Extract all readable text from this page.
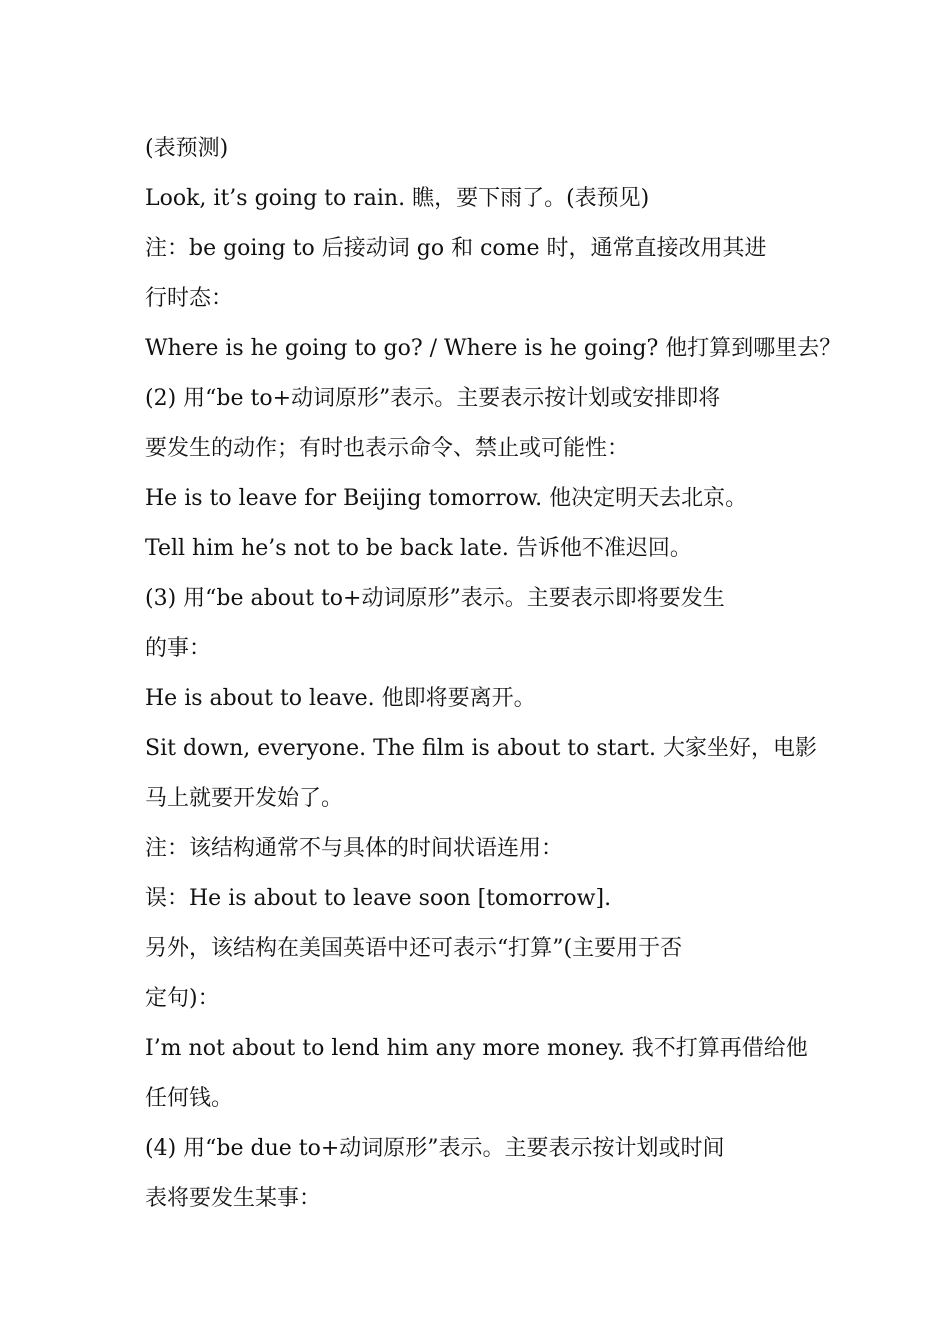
(表预测)

Look, it’s going to rain. 瞧，要下雨了。(表预见)

注：be going to 后接动词 go 和 come 时，通常直接改用其进

行时态：

Where is he going to go? / Where is he going? 他打算到哪里去？

(2) 用“be to+动词原形”表示。主要表示按计划或安排即将

要发生的动作；有时也表示命令、禁止或可能性：

He is to leave for Beijing tomorrow. 他决定明天去北京。

Tell him he’s not to be back late. 告诉他不准迟回。

(3) 用“be about to+动词原形”表示。主要表示即将要发生

的事：

He is about to leave. 他即将要离开。

Sit down, everyone. The film is about to start. 大家坐好，电影

马上就要开发始了。

注：该结构通常不与具体的时间状语连用：

误：He is about to leave soon [tomorrow].

另外，该结构在美国英语中还可表示“打算”(主要用于否

定句)：

I’m not about to lend him any more money. 我不打算再借给他

任何钱。

(4) 用“be due to+动词原形”表示。主要表示按计划或时间

表将要发生某事：
